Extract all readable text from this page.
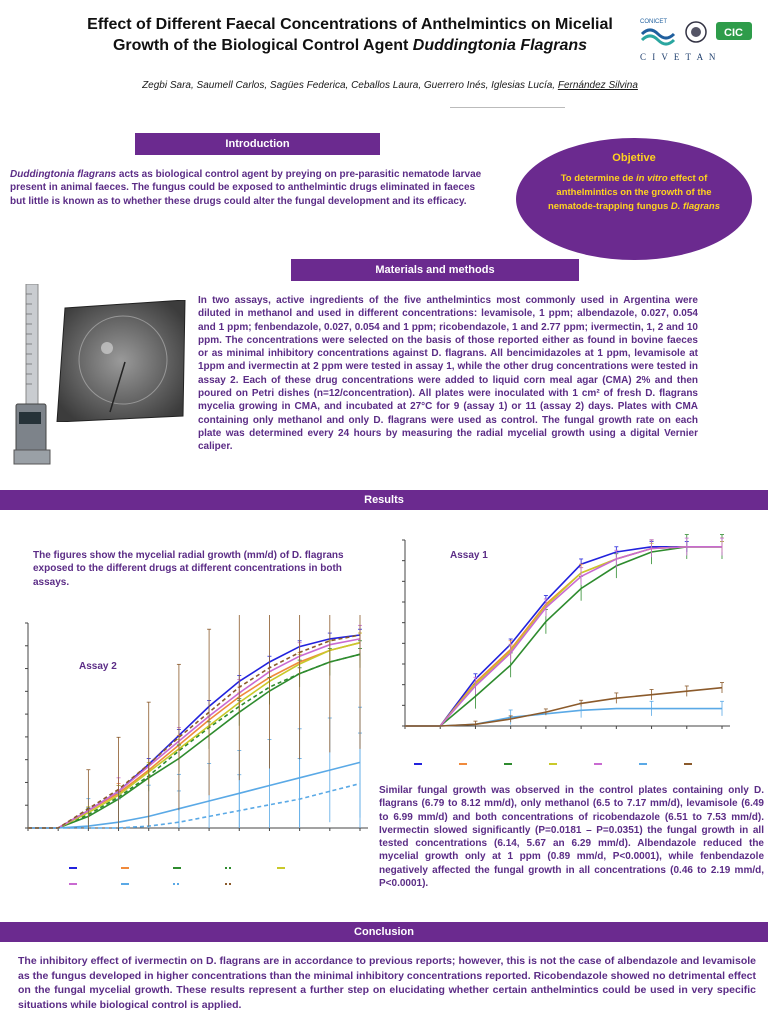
Effect of Different Faecal Concentrations of Anthelmintics on Micelial
Growth of the Biological Control Agent Duddingtonia Flagrans
CONICET
CIC
C I V E T A N
Zegbi Sara, Saumell Carlos, Sagües Federica, Ceballos Laura, Guerrero Inés, Iglesias Lucía, Fernández Silvina
Introduction
Duddingtonia flagrans acts as biological control agent by preying on pre-parasitic nematode larvae present in animal faeces. The fungus could be exposed to anthelmintic drugs eliminated in faeces but little is known as to whether these drugs could alter the fungal development and its efficacy.
Objetive
To determine de in vitro effect of anthelmintics on the growth of the nematode-trapping fungus D. flagrans
Materials and methods
In two assays, active ingredients of the five anthelmintics most commonly used in Argentina were diluted in methanol and used in different concentrations: levamisole, 1 ppm; albendazole, 0.027, 0.054 and 1 ppm; fenbendazole, 0.027, 0.054 and 1 ppm; ricobendazole, 1 and 2.77 ppm; ivermectin, 1, 2 and 10 ppm. The concentrations were selected on the basis of those reported either as found in bovine faeces or as minimal inhibitory concentrations against D. flagrans. All bencimidazoles at 1 ppm, levamisole at 1ppm and ivermectin at 2 ppm were tested in assay 1, while the other drug concentrations were tested in assay 2. Each of these drug concentrations were added to liquid corn meal agar (CMA) 2% and then poured on Petri dishes (n=12/concentration). All plates were inoculated with 1 cm² of fresh D. flagrans mycelia growing in CMA, and incubated at 27°C for 9 (assay 1) or 11 (assay 2) days. Plates with CMA containing only methanol and only D. flagrans were used as control. The fungal growth rate on each plate was determined every 24 hours by measuring the radial mycelial growth using a digital Vernier caliper.
Results
The figures show the mycelial radial growth (mm/d) of D. flagrans exposed to the different drugs at different concentrations in both assays.
Assay 1
Assay 2
Similar fungal growth was observed in the control plates containing only D. flagrans (6.79 to 8.12 mm/d), only methanol (6.5 to 7.17 mm/d), levamisole (6.49 to 6.99 mm/d) and both concentrations of ricobendazole (6.51 to 7.53 mm/d). Ivermectin slowed significantly (P=0.0181 – P=0.0351) the fungal growth in all tested concentrations (6.14, 5.67 an 6.29 mm/d). Albendazole reduced the mycelial growth only at 1 ppm (0.89 mm/d, P<0.0001), while fenbendazole negatively affected the fungal growth in all concentrations (0.46 to 2.19 mm/d, P<0.0001).
Conclusion
The inhibitory effect of ivermectin on D. flagrans are in accordance to previous reports; however, this is not the case of albendazole and levamisole as the fungus developed in higher concentrations than the minimal inhibitory concentrations reported. Ricobendazole showed no detrimental effect on the fungal mycelial growth. These results represent a further step on elucidating whether certain anthelmintics could be used in very specific situations while biological control is applied.
